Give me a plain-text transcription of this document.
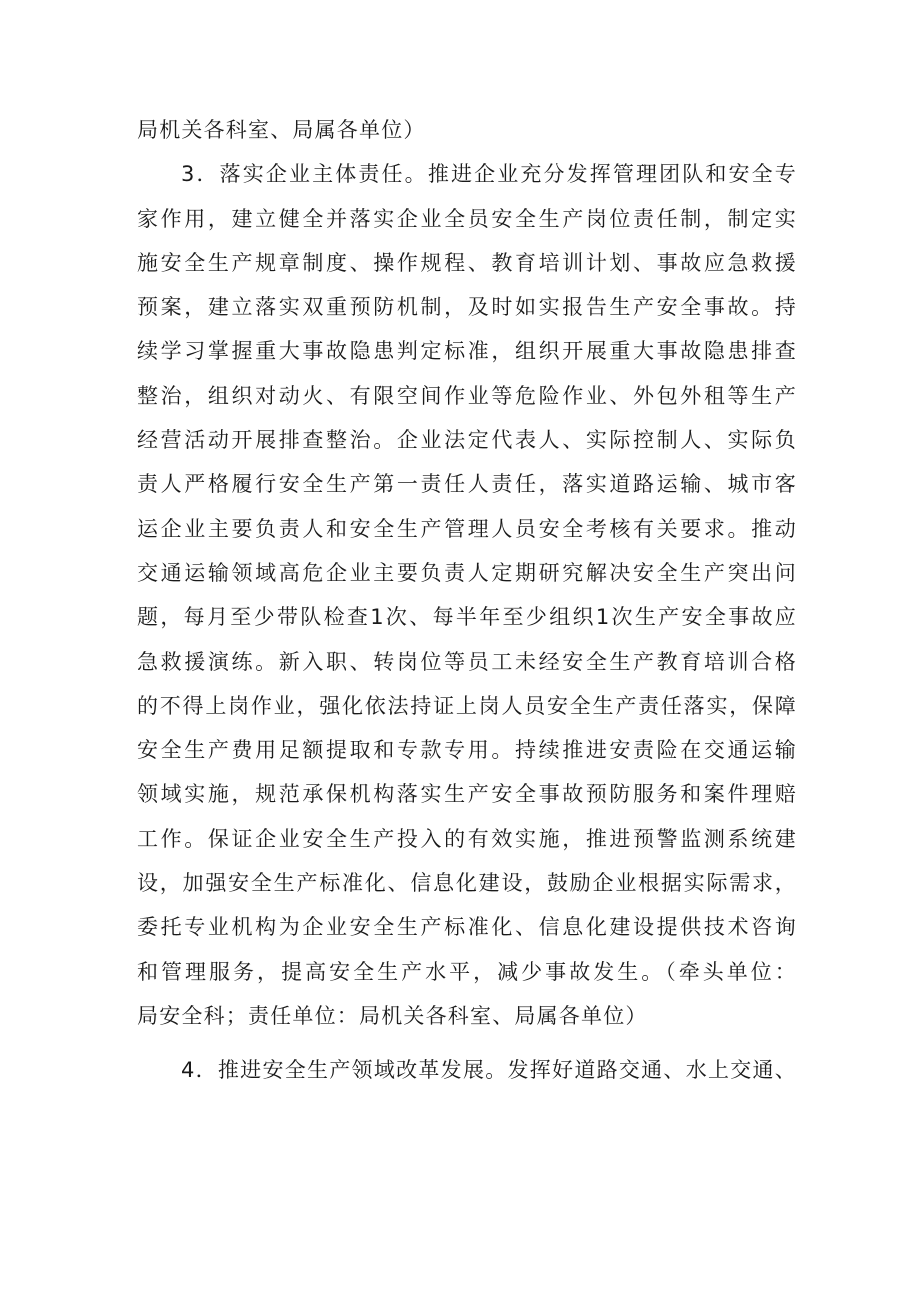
局机关各科室、局属各单位）
3．落实企业主体责任。推进企业充分发挥管理团队和安全专
家作用，建立健全并落实企业全员安全生产岗位责任制，制定实
施安全生产规章制度、操作规程、教育培训计划、事故应急救援
预案，建立落实双重预防机制，及时如实报告生产安全事故。持
续学习掌握重大事故隐患判定标准，组织开展重大事故隐患排查
整治，组织对动火、有限空间作业等危险作业、外包外租等生产
经营活动开展排查整治。企业法定代表人、实际控制人、实际负
责人严格履行安全生产第一责任人责任，落实道路运输、城市客
运企业主要负责人和安全生产管理人员安全考核有关要求。推动
交通运输领域高危企业主要负责人定期研究解决安全生产突出问
题，每月至少带队检查1次、每半年至少组织1次生产安全事故应
急救援演练。新入职、转岗位等员工未经安全生产教育培训合格
的不得上岗作业，强化依法持证上岗人员安全生产责任落实，保障
安全生产费用足额提取和专款专用。持续推进安责险在交通运输
领域实施，规范承保机构落实生产安全事故预防服务和案件理赔
工作。保证企业安全生产投入的有效实施，推进预警监测系统建
设，加强安全生产标准化、信息化建设，鼓励企业根据实际需求，
委托专业机构为企业安全生产标准化、信息化建设提供技术咨询
和管理服务，提高安全生产水平，减少事故发生。（牵头单位：
局安全科；责任单位：局机关各科室、局属各单位）
4．推进安全生产领域改革发展。发挥好道路交通、水上交通、
